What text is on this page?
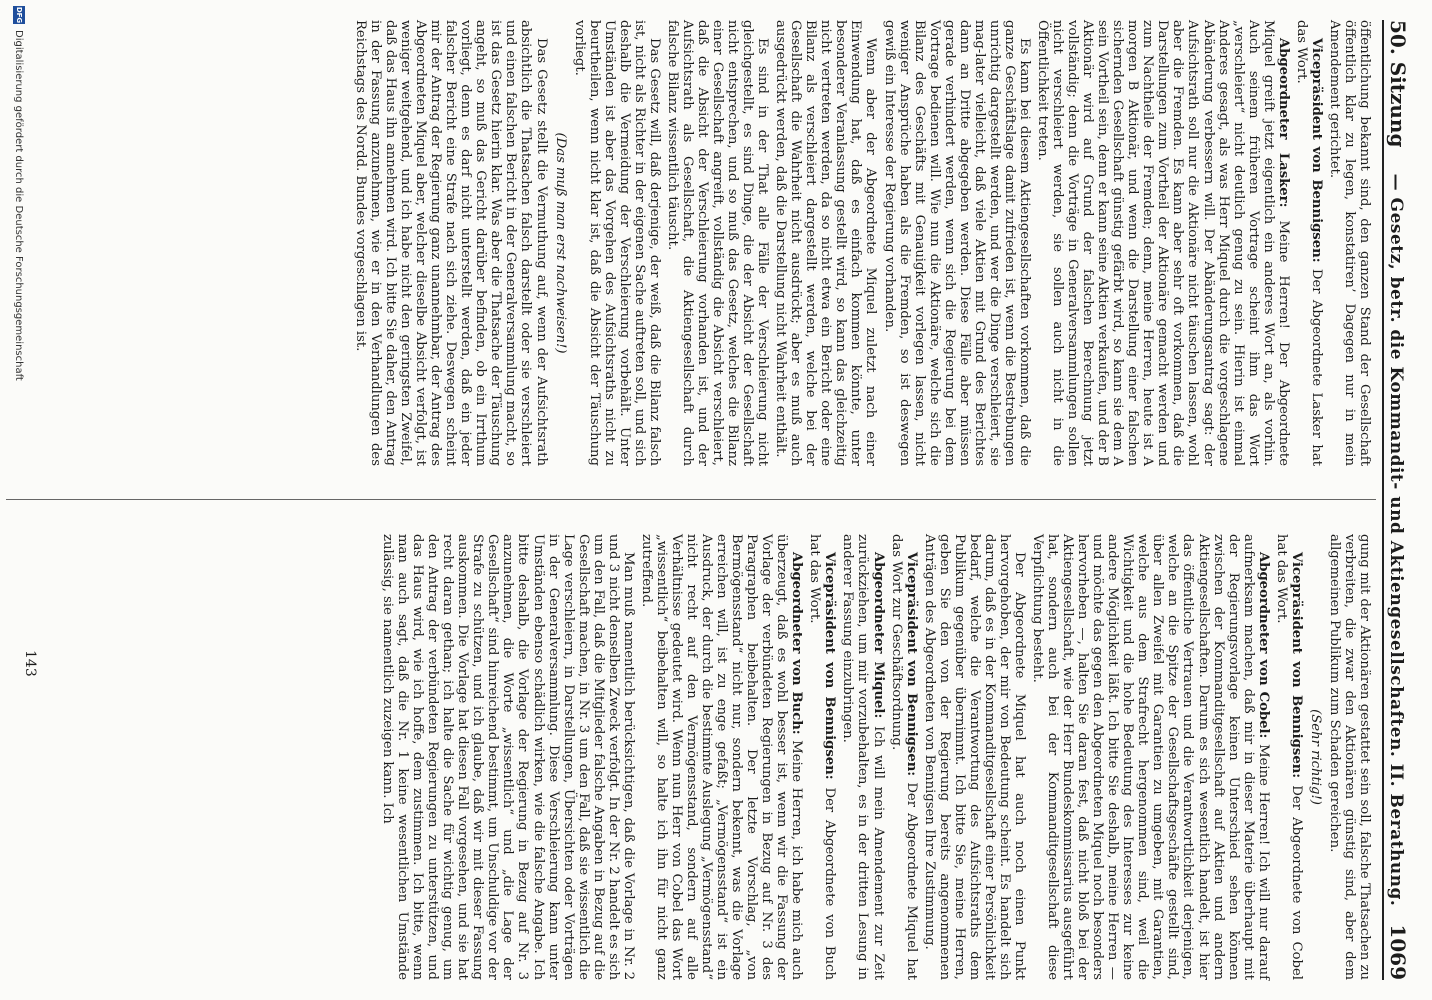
1069
50. Sitzung
— Gesetz, betr. die Kommandit- und Aktiengesellschaften. II. Berathung.

öffentlichung bekannt sind, den ganzen Stand der Gesellschaft öffentlich klar zu legen, konstatirenʼ Dagegen nur in mein Amendement gerichtet.

Vicepräsident von Bennigsen: Der Abgeordnete Lasker hat das Wort.

Abgeordneter Lasker: Meine Herren! Der Abgeordnete Miquel greift jetzt eigentlich ein anderes Wort an, als vorhin. Auch seinem früheren Vortrage scheint ihm das Wort „verschleiert“ nicht deutlich genug zu sein. Hierin ist einmal Anderes gesagt, als was Herr Miquel durch die vorgeschlagene Abänderung verbessern will. Der Abänderungsantrag sagt: der Aufsichtsrath soll nur die Aktionäre nicht täuschen lassen, wohl aber die Fremden. Es kann aber sehr oft vorkommen, daß die Darstellungen zum Vortheil der Aktionäre gemacht werden und zum Nachtheile der Fremden; denn, meine Herren, heute ist A morgen B Aktionär, und wenn die Darstellung einer falschen sichernden Gesellschaft günstig gefärbt wird, so kann sie dem A sein Vortheil sein, denn er kann seine Aktien verkaufen, und der B Aktionär wird auf Grund der falschen Berechnung jetzt vollständig; denn die Vorträge in Generalversammlungen sollen nicht verschleiert werden, sie sollen auch nicht in die Öffentlichkeit treten.

Es kann bei diesem Aktiengesellschaften vorkommen, daß die ganze Geschäftslage damit zufrieden ist, wenn die Bestrebungen unrichtig dargestellt werden, und wer die Dinge verschleiert, sie mag-later vielleicht, daß viele Aktien mit Grund des Berichtes dann an Dritte abgegeben werden. Diese Fälle aber müssen gerade verhindert werden, wenn sich die Regierung bei dem Vortrage bedienen will. Wie nun die Aktionäre, welche sich die Bilanz des Geschäfts mit Genauigkeit vorlegen lassen, nicht weniger Ansprüche haben als die Fremden, so ist deswegen gewiß ein Interesse der Regierung vorhanden.

Wenn aber der Abgeordnete Miquel zuletzt nach einer Einwendung hat, daß es einfach kommen könnte, unter besonderer Veranlassung gestellt wird, so kann das gleichzeitig nicht vertreten werden, da so nicht etwa ein Bericht oder eine Bilanz als verschleiert dargestellt werden, welche bei der Gesellschaft die Wahrheit nicht ausdrückt; aber es muß auch ausgedrückt werden, daß die Darstellung nicht Wahrheit enthält.

Es sind in der That alle Fälle der Verschleierung nicht gleichgestellt, es sind Dinge, die der Absicht der Gesellschaft nicht entsprechen, und so muß das Gesetz, welches die Bilanz einer Gesellschaft angreift, vollständig die Absicht verschleiert, daß die Absicht der Verschleierung vorhanden ist, und der Aufsichtsrath als Gesellschaft, die Aktiengesellschaft durch falsche Bilanz wissentlich täuscht.

Das Gesetz will, daß derjenige, der weiß, daß die Bilanz falsch ist, nicht als Richter in der eigenen Sache auftreten soll, und sich deshalb die Vermeidung der Verschleierung vorbehält. Unter Umständen ist aber das Vorgehen des Aufsichtsraths nicht zu beurtheilen, wenn nicht klar ist, daß die Absicht der Täuschung vorliegt.

(Das muß man erst nachweisen!)

Das Gesetz stellt die Vermuthung auf, wenn der Aufsichtsrath absichtlich die Thatsachen falsch darstellt oder sie verschleiert und einen falschen Bericht in der Generalversammlung macht, so ist das Gesetz hierin klar. Was aber die Thatsache der Täuschung angeht, so muß das Gericht darüber befinden, ob ein Irrthum vorliegt, denn es darf nicht unterstellt werden, daß ein jeder falscher Bericht eine Strafe nach sich ziehe. Deswegen scheint mir der Antrag der Regierung ganz unannehmbar, der Antrag des Abgeordneten Miquel aber, welcher dieselbe Absicht verfolgt, ist weniger weitgehend, und ich habe nicht den geringsten Zweifel, daß das Haus ihn annehmen wird. Ich bitte Sie daher, den Antrag in der Fassung anzunehmen, wie er in den Verhandlungen des Reichstags des Nordd. Bundes vorgeschlagen ist.

gung mit der Aktionären gestattet sein soll, falsche Thatsachen zu verbreiten, die zwar den Aktionären günstig sind, aber dem allgemeinen Publikum zum Schaden gereichen.

(Sehr richtig!)

Vicepräsident von Bennigsen: Der Abgeordnete von Cobel hat das Wort.

Abgeordneter von Cobel: Meine Herren! Ich will nur darauf aufmerksam machen, daß mir in dieser Materie überhaupt mit der Regierungsvorlage keinen Unterschied sehen können zwischen der Kommanditgesellschaft auf Aktien und andern Aktiengesellschaften. Darum es sich wesentlich handelt, ist hier das öffentliche Vertrauen und die Verantwortlichkeit derjenigen, welche an die Spitze der Gesellschaftsgeschäfte gestellt sind, über allen Zweifel mit Garantien zu umgeben, mit Garantien, welche aus dem Strafrecht hergenommen sind, weil die Wichtigkeit und die hohe Bedeutung des Interesses zur keine andere Möglichkeit läßt. Ich bitte Sie deshalb, meine Herren — und möchte das gegen den Abgeordneten Miquel noch besonders hervorheben —, halten Sie daran fest, daß nicht bloß bei der Aktiengesellschaft, wie der Herr Bundeskommissarius ausgeführt hat, sondern auch bei der Kommanditgesellschaft diese Verpflichtung besteht.

Der Abgeordnete Miquel hat auch noch einen Punkt hervorgehoben, der mir von Bedeutung scheint. Es handelt sich darum, daß es in der Kommanditgesellschaft einer Persönlichkeit bedarf, welche die Verantwortung des Aufsichtsraths dem Publikum gegenüber übernimmt. Ich bitte Sie, meine Herren, geben Sie den von der Regierung bereits angenommenen Anträgen des Abgeordneten von Bennigsen Ihre Zustimmung.

Vicepräsident von Bennigsen: Der Abgeordnete Miquel hat das Wort zur Geschäftsordnung.

Abgeordneter Miquel: Ich will mein Amendement zur Zeit zurückziehen, um mir vorzubehalten, es in der dritten Lesung in anderer Fassung einzubringen.

Vicepräsident von Bennigsen: Der Abgeordnete von Buch hat das Wort.

Abgeordneter von Buch: Meine Herren, ich habe mich auch überzeugt, daß es wohl besser ist, wenn wir die Fassung der Vorlage der verbündeten Regierungen in Bezug auf Nr. 3 des Paragraphen beibehalten. Der letzte Vorschlag, „von Bermögensstand“ nicht nur, sondern bekennt, was die Vorlage erreichen will, ist zu enge gefaßt; „Vermögensstand“ ist ein Ausdruck, der durch die bestimmte Auslegung „Vermögensstand“ nicht recht auf den Vermögensstand, sondern auf alle Verhältnisse gedeutet wird. Wenn nun Herr von Cobel das Wort „wissentlich“ beibehalten will, so halte ich ihn für nicht ganz zutreffend.

Man muß namentlich berücksichtigen, daß die Vorlage in Nr. 2 und 3 nicht denselben Zweck verfolgt. In der Nr. 2 handelt es sich um den Fall, daß die Mitglieder falsche Angaben in Bezug auf die Gesellschaft machen, in Nr. 3 um den Fall, daß sie wissentlich die Lage verschleiern, in Darstellungen, Übersichten oder Vorträgen in der Generalversammlung. Diese Verschleierung kann unter Umständen ebenso schädlich wirken, wie die falsche Angabe. Ich bitte deshalb, die Vorlage der Regierung in Bezug auf Nr. 3 anzunehmen, die Worte „wissentlich“ und „die Lage der Gesellschaft“ sind hinreichend bestimmt, um Unschuldige vor der Strafe zu schützen, und ich glaube, daß wir mit dieser Fassung auskommen. Die Vorlage hat diesen Fall vorgesehen, und sie hat recht daran gethan; ich halte die Sache für wichtig genug, um den Antrag der verbündeten Regierungen zu unterstützen, und das Haus wird, wie ich hoffe, dem zustimmen. Ich bitte, wenn man auch sagt, daß die Nr. 1 keine wesentlichen Umstände zulässig, sie namentlich zuzeigen kann. Ich

143
DFG
Digitalisierung gefördert durch die Deutsche Forschungsgemeinschaft
